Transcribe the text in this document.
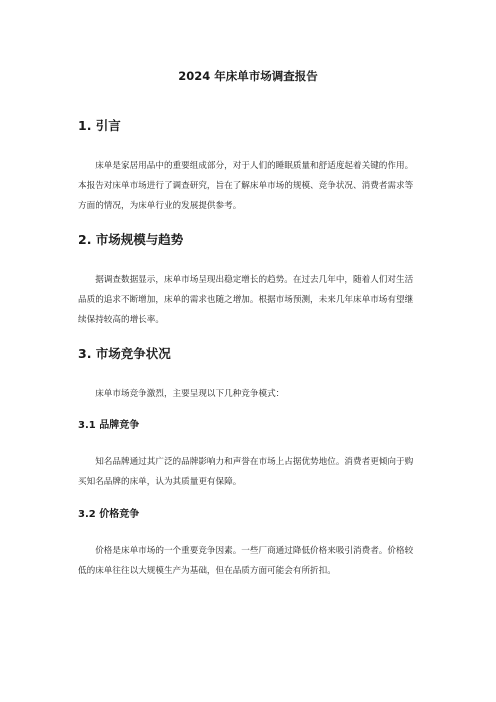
2024 年床单市场调查报告
1. 引言

床单是家居用品中的重要组成部分，对于人们的睡眠质量和舒适度起着关键的作用。本报告对床单市场进行了调查研究，旨在了解床单市场的规模、竞争状况、消费者需求等方面的情况，为床单行业的发展提供参考。

2. 市场规模与趋势

据调查数据显示，床单市场呈现出稳定增长的趋势。在过去几年中，随着人们对生活品质的追求不断增加，床单的需求也随之增加。根据市场预测，未来几年床单市场有望继续保持较高的增长率。

3. 市场竞争状况

床单市场竞争激烈，主要呈现以下几种竞争模式：

3.1 品牌竞争

知名品牌通过其广泛的品牌影响力和声誉在市场上占据优势地位。消费者更倾向于购买知名品牌的床单，认为其质量更有保障。

3.2 价格竞争

价格是床单市场的一个重要竞争因素。一些厂商通过降低价格来吸引消费者。价格较低的床单往往以大规模生产为基础，但在品质方面可能会有所折扣。
